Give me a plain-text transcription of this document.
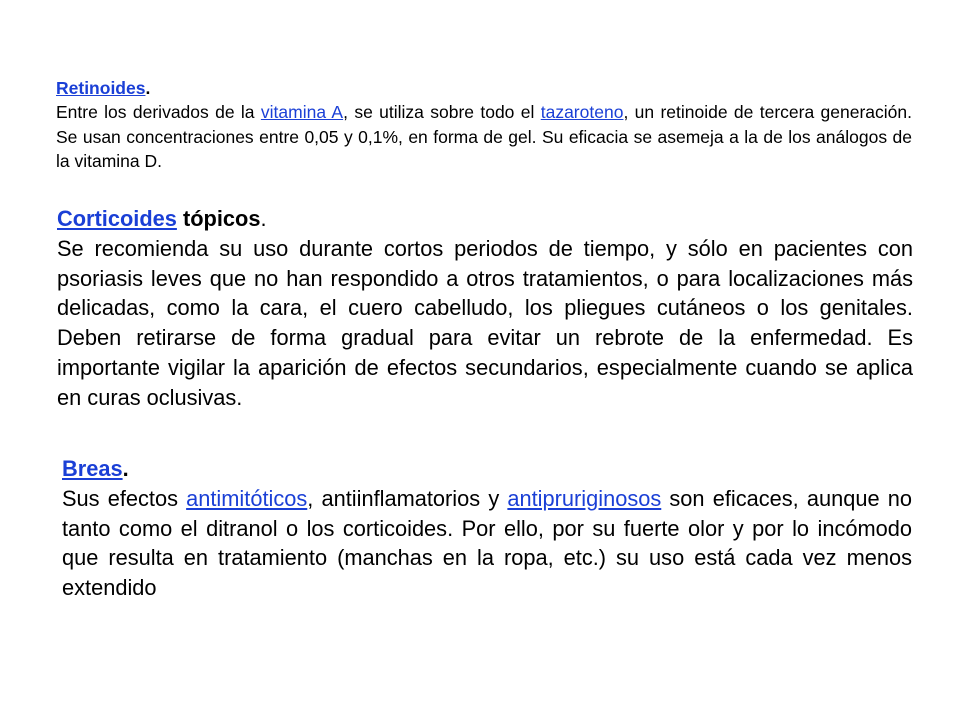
Retinoides.

Entre los derivados de la vitamina A, se utiliza sobre todo el tazaroteno, un retinoide de tercera generación. Se usan concentraciones entre 0,05 y 0,1%, en forma de gel. Su eficacia se asemeja a la de los análogos de la vitamina D.

Corticoides tópicos.

Se recomienda su uso durante cortos periodos de tiempo, y sólo en pacientes con psoriasis leves que no han respondido a otros tratamientos, o para localizaciones más delicadas, como la cara, el cuero cabelludo, los pliegues cutáneos o los genitales. Deben retirarse de forma gradual para evitar un rebrote de la enfermedad. Es importante vigilar la aparición de efectos secundarios, especialmente cuando se aplica en curas oclusivas.

Breas.

Sus efectos antimitóticos, antiinflamatorios y antipruriginosos son eficaces, aunque no tanto como el ditranol o los corticoides. Por ello, por su fuerte olor y por lo incómodo que resulta en tratamiento (manchas en la ropa, etc.) su uso está cada vez menos extendido
